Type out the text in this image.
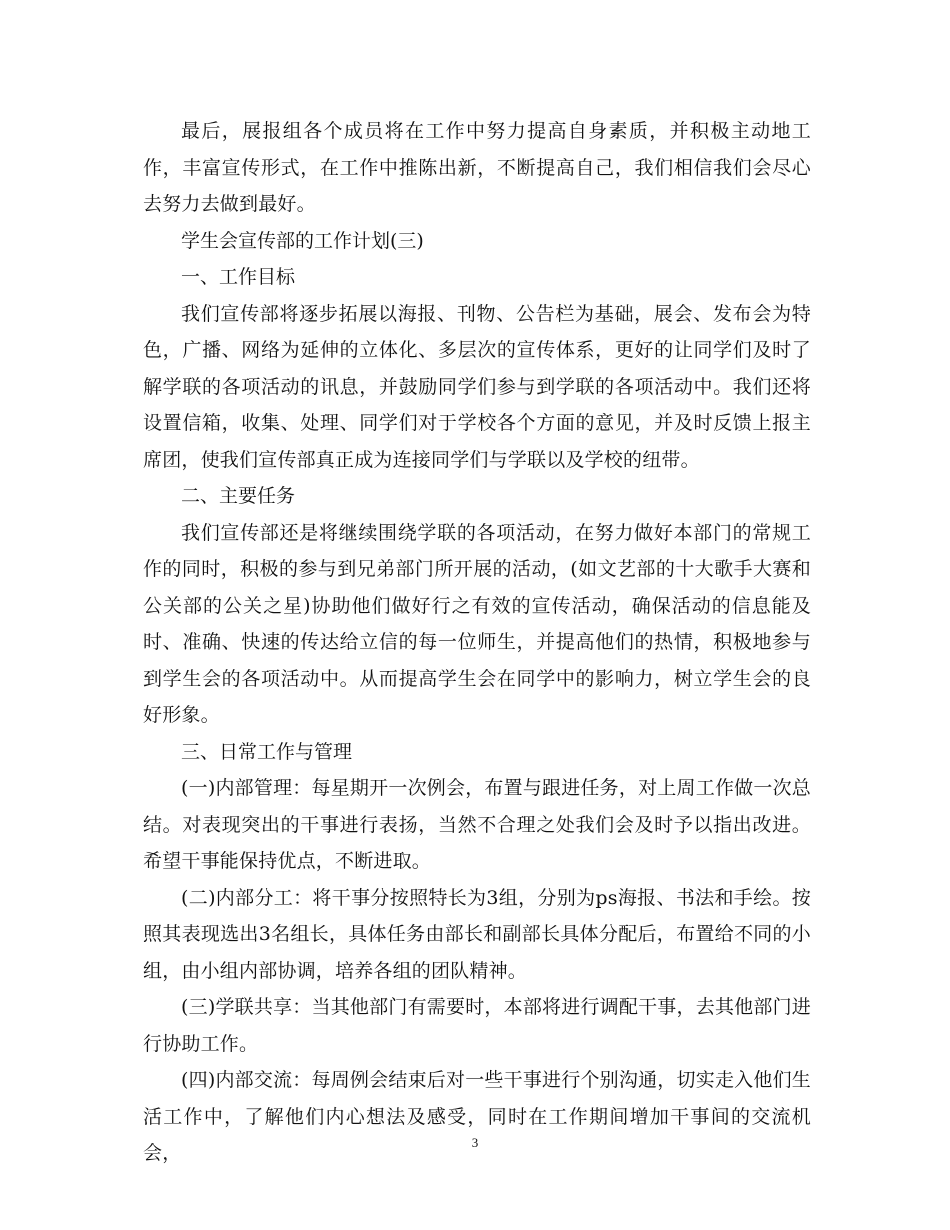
最后，展报组各个成员将在工作中努力提高自身素质，并积极主动地工作，丰富宣传形式，在工作中推陈出新，不断提高自己，我们相信我们会尽心去努力去做到最好。

学生会宣传部的工作计划(三)

一、工作目标

我们宣传部将逐步拓展以海报、刊物、公告栏为基础，展会、发布会为特色，广播、网络为延伸的立体化、多层次的宣传体系，更好的让同学们及时了解学联的各项活动的讯息，并鼓励同学们参与到学联的各项活动中。我们还将设置信箱，收集、处理、同学们对于学校各个方面的意见，并及时反馈上报主席团，使我们宣传部真正成为连接同学们与学联以及学校的纽带。

二、主要任务

我们宣传部还是将继续围绕学联的各项活动，在努力做好本部门的常规工作的同时，积极的参与到兄弟部门所开展的活动，(如文艺部的十大歌手大赛和公关部的公关之星)协助他们做好行之有效的宣传活动，确保活动的信息能及时、准确、快速的传达给立信的每一位师生，并提高他们的热情，积极地参与到学生会的各项活动中。从而提高学生会在同学中的影响力，树立学生会的良好形象。

三、日常工作与管理

(一)内部管理：每星期开一次例会，布置与跟进任务，对上周工作做一次总结。对表现突出的干事进行表扬，当然不合理之处我们会及时予以指出改进。希望干事能保持优点，不断进取。

(二)内部分工：将干事分按照特长为3组，分别为ps海报、书法和手绘。按照其表现选出3名组长，具体任务由部长和副部长具体分配后，布置给不同的小组，由小组内部协调，培养各组的团队精神。

(三)学联共享：当其他部门有需要时，本部将进行调配干事，去其他部门进行协助工作。

(四)内部交流：每周例会结束后对一些干事进行个别沟通，切实走入他们生活工作中，了解他们内心想法及感受，同时在工作期间增加干事间的交流机会，	3
